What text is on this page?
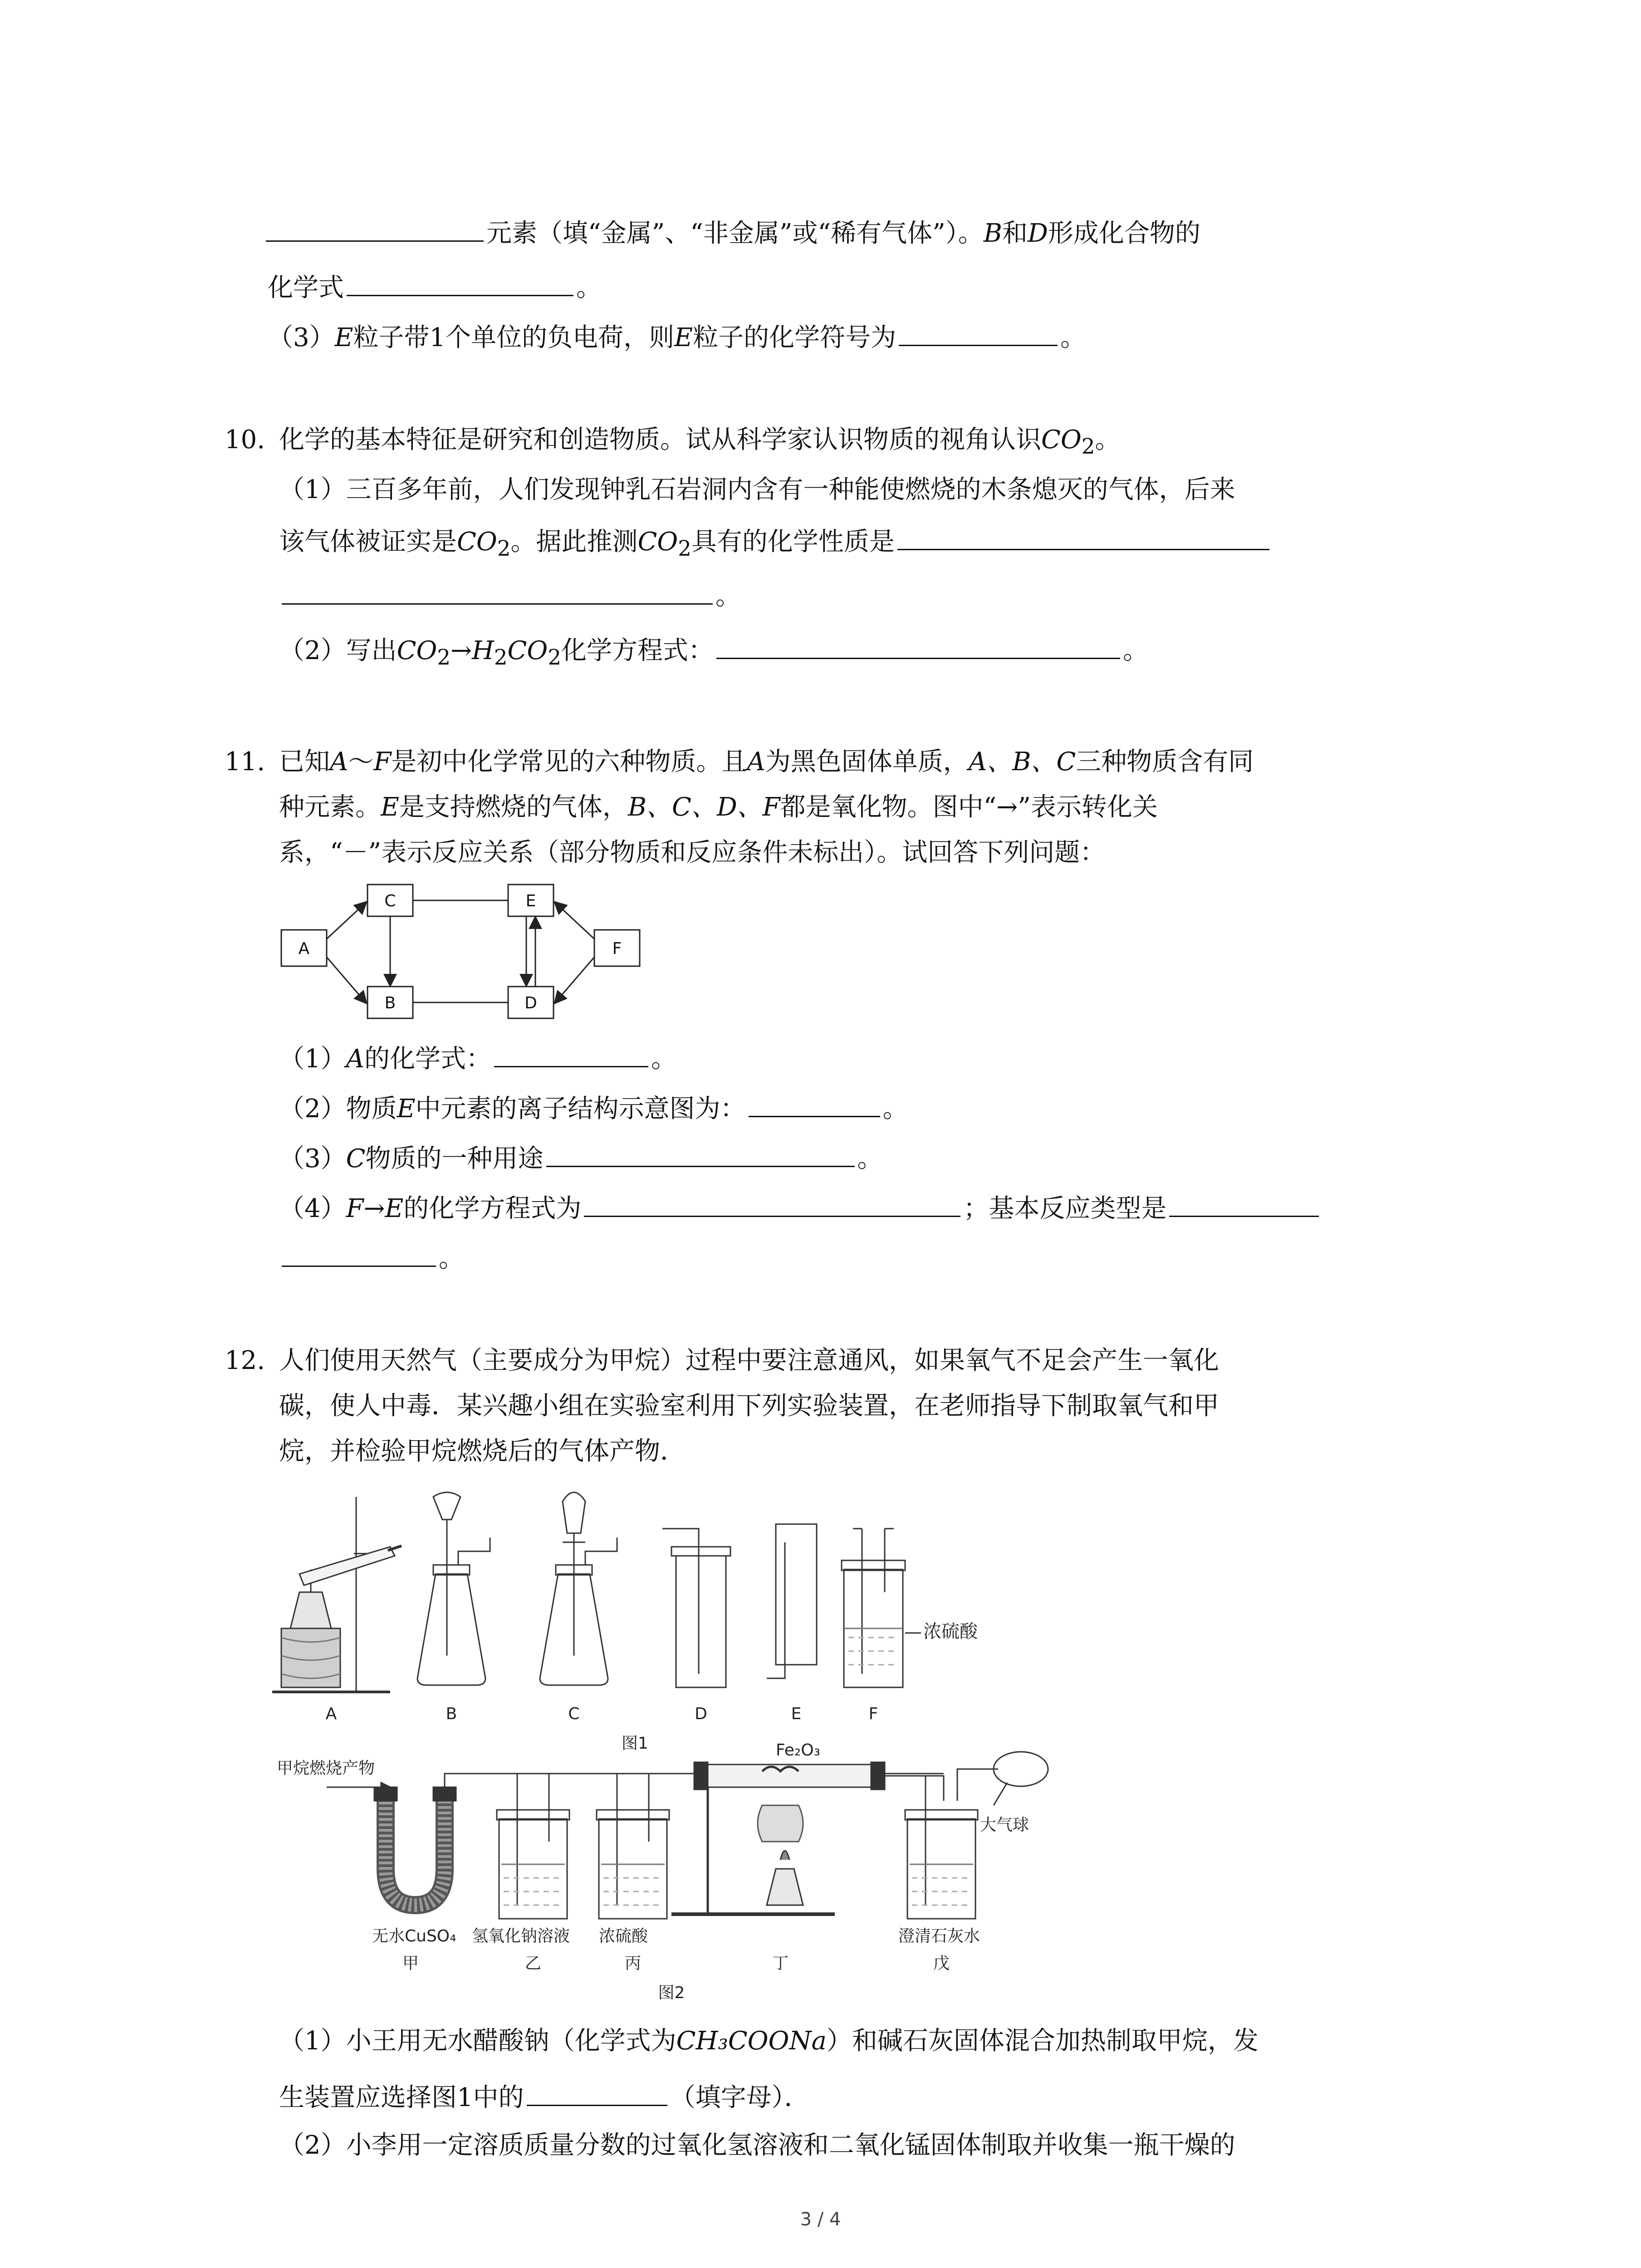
元素（填“金属”、“非金属”或“稀有气体”）。B和D形成化合物的
化学式	。
（3）E粒子带1个单位的负电荷，则E粒子的化学符号为	。
10. 化学的基本特征是研究和创造物质。试从科学家认识物质的视角认识$CO_2$。
（1）三百多年前，人们发现钟乳石岩洞内含有一种能使燃烧的木条熄灭的气体，后来
该气体被证实是$CO_2$。据此推测$CO_2$具有的化学性质是
。
（2）写出$CO_2\to H_2CO_2$化学方程式：	。
11. 已知A～F是初中化学常见的六种物质。且A为黑色固体单质，A、B、C三种物质含有同
种元素。E是支持燃烧的气体，B、C、D、F都是氧化物。图中“→”表示转化关
系，“－”表示反应关系（部分物质和反应条件未标出）。试回答下列问题：
A
C
B
E
D
F
（1）A的化学式：	。
（2）物质E中元素的离子结构示意图为：	。
（3）C物质的一种用途	。
（4）F→E的化学方程式为	；基本反应类型是
。
12. 人们使用天然气（主要成分为甲烷）过程中要注意通风，如果氧气不足会产生一氧化
碳，使人中毒．某兴趣小组在实验室利用下列实验装置，在老师指导下制取氧气和甲
烷，并检验甲烷燃烧后的气体产物．
A	B	C	D	E	F
浓硫酸
图1
甲烷燃烧产物
Fe₂O₃
大气球
无水CuSO₄ 氢氧化钠溶液 浓硫酸	澄清石灰水
甲	乙	丙	丁	戊
图2
（1）小王用无水醋酸钠（化学式为CH₃COONa）和碱石灰固体混合加热制取甲烷，发
生装置应选择图1中的	（填字母）．
（2）小李用一定溶质质量分数的过氧化氢溶液和二氧化锰固体制取并收集一瓶干燥的
3 / 4
